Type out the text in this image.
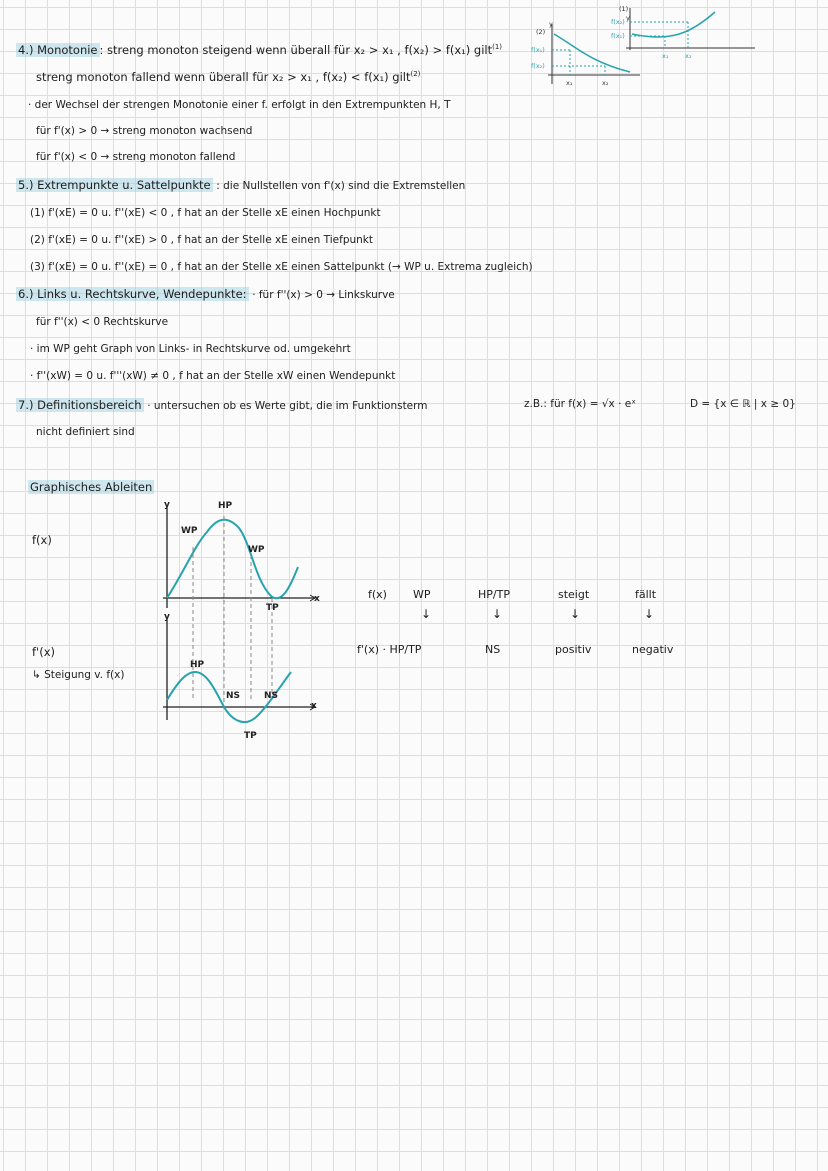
4.) Monotonie : streng monoton steigend wenn überall für x₂ > x₁ , f(x₂) > f(x₁) gilt$^{(1)}$
streng monoton fallend wenn überall für x₂ > x₁ , f(x₂) < f(x₁) gilt$^{(2)}$
· der Wechsel der strengen Monotonie einer f. erfolgt in den Extrempunkten H, T
für f'(x) > 0 → streng monoton wachsend
für f'(x) < 0 → streng monoton fallend
(2)
y
f(x₁)
f(x₂)
x₁	x₂
(1)
y
f(x₂)
f(x₁)
x₁	x₂
5.) Extrempunkte u. Sattelpunkte : die Nullstellen von f'(x) sind die Extremstellen
(1) f'(xE) = 0 u. f''(xE) < 0 , f hat an der Stelle xE einen Hochpunkt
(2) f'(xE) = 0 u. f''(xE) > 0 , f hat an der Stelle xE einen Tiefpunkt
(3) f'(xE) = 0 u. f''(xE) = 0 , f hat an der Stelle xE einen Sattelpunkt (→ WP u. Extrema zugleich)
6.) Links u. Rechtskurve, Wendepunkte: · für f''(x) > 0 → Linkskurve
für f''(x) < 0 Rechtskurve
· im WP geht Graph von Links- in Rechtskurve od. umgekehrt
· f''(xW) = 0 u. f'''(xW) ≠ 0 , f hat an der Stelle xW einen Wendepunkt
7.) Definitionsbereich · untersuchen ob es Werte gibt, die im Funktionsterm
nicht definiert sind
z.B.: für f(x) = √x · eˣ	D = {x ∈ ℝ | x ≥ 0}
Graphisches Ableiten
f(x)
f'(x)
↳ Steigung v. f(x)
y
x
HP
WP
WP
TP
y
x
HP
NS	NS
TP
f(x) WP	HP/TP	steigt	fällt
↓	↓	↓	↓
f'(x) · HP/TP	NS	positiv	negativ
